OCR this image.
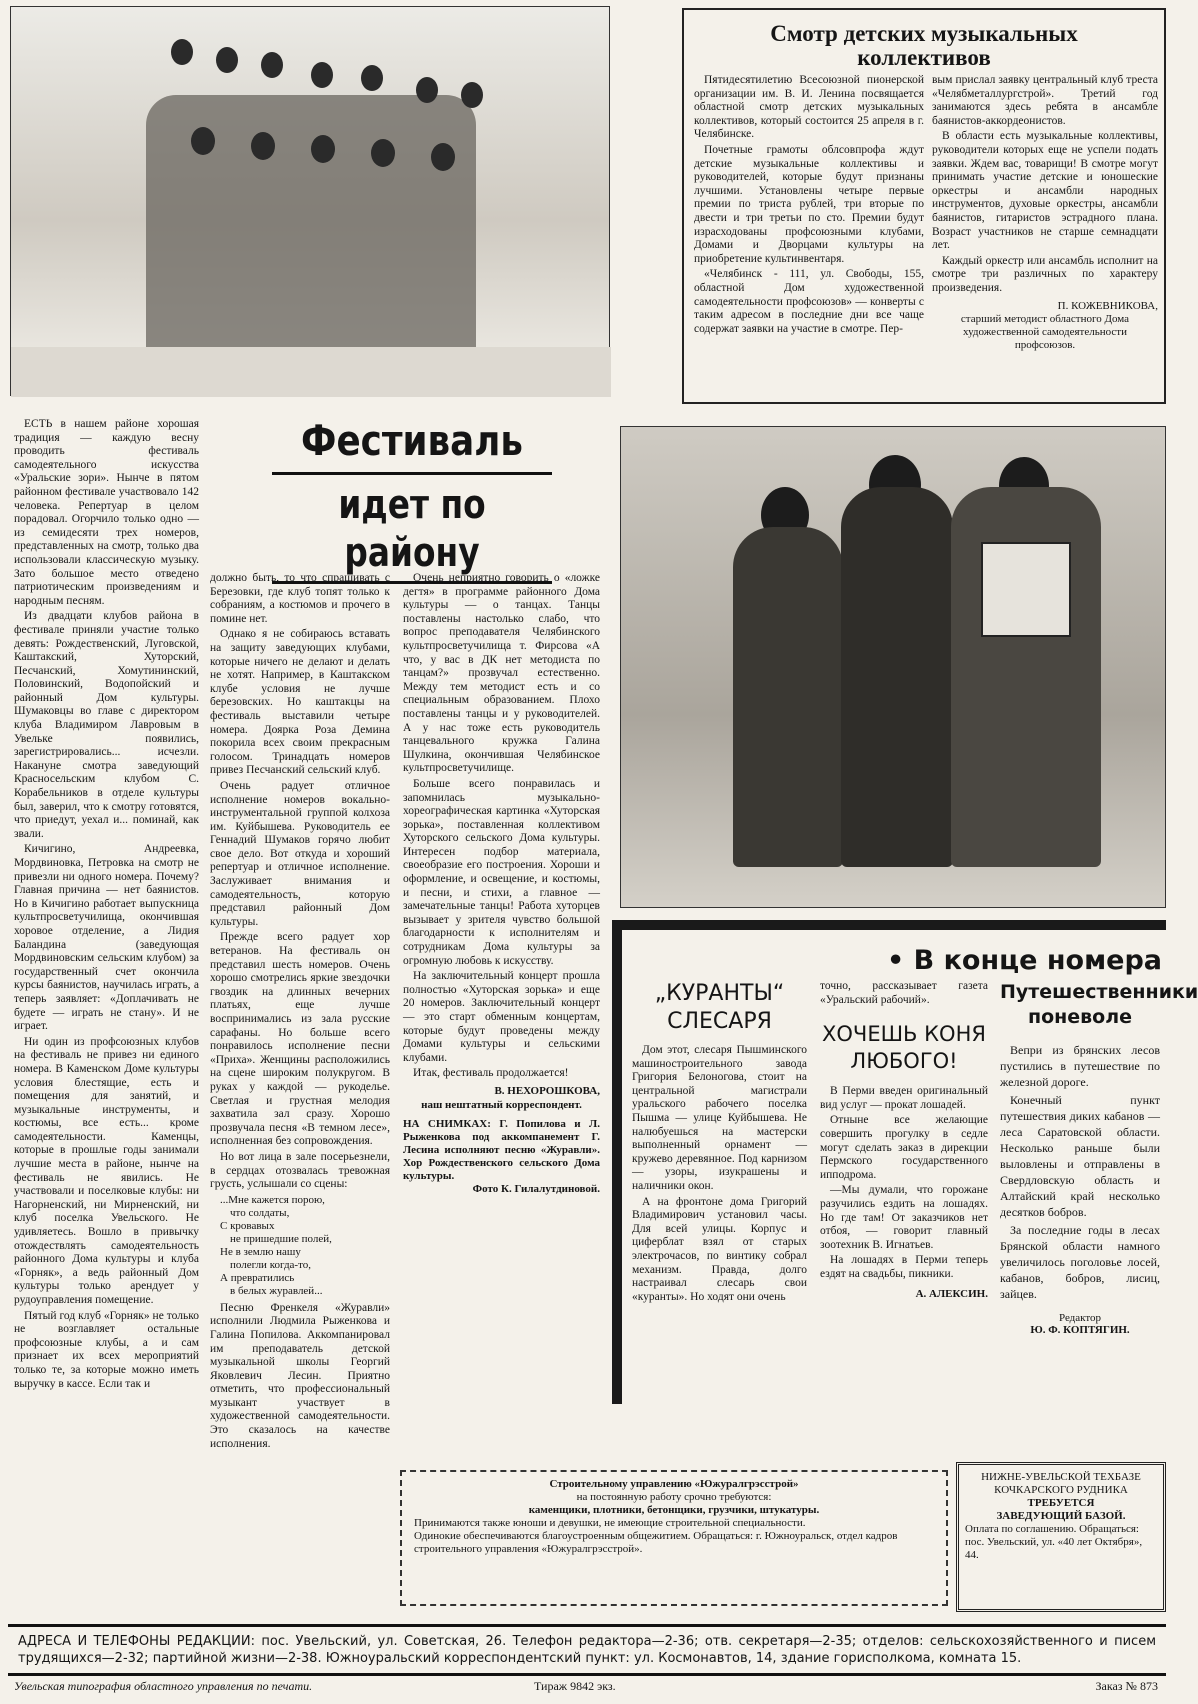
Смотр детских музыкальных коллективов

Пятидесятилетию Всесоюзной пионерской организации им. В. И. Ленина посвящается областной смотр детских музыкальных коллективов, который состоится 25 апреля в г. Челябинске.

Почетные грамоты облсовпрофа ждут детские музыкальные коллективы и руководителей, которые будут признаны лучшими. Установлены четыре первые премии по триста рублей, три вторые по двести и три третьи по сто. Премии будут израсходованы профсоюзными клубами, Домами и Дворцами культуры на приобретение культинвентаря.

«Челябинск - 111, ул. Свободы, 155, областной Дом художественной самодеятельности профсоюзов» — конверты с таким адресом в последние дни все чаще содержат заявки на участие в смотре. Пер-

вым прислал заявку центральный клуб треста «Челябметаллургстрой». Третий год занимаются здесь ребята в ансамбле баянистов-аккордеонистов.

В области есть музыкальные коллективы, руководители которых еще не успели подать заявки. Ждем вас, товарищи! В смотре могут принимать участие детские и юношеские оркестры и ансамбли народных инструментов, духовые оркестры, ансамбли баянистов, гитаристов эстрадного плана. Возраст участников не старше семнадцати лет.

Каждый оркестр или ансамбль исполнит на смотре три различных по характеру произведения.

П. КОЖЕВНИКОВА,
старший методист областного Дома художественной самодеятельности профсоюзов.
Фестиваль
идет по району

ЕСТЬ в нашем районе хорошая традиция — каждую весну проводить фестиваль самодеятельного искусства «Уральские зори». Нынче в пятом районном фестивале участвовало 142 человека. Репертуар в целом порадовал. Огорчило только одно — из семидесяти трех номеров, представленных на смотр, только два использовали классическую музыку. Зато большое место отведено патриотическим произведениям и народным песням.

Из двадцати клубов района в фестивале приняли участие только девять: Рождественский, Луговской, Каштакский, Хуторский, Песчанский, Хомутининский, Половинский, Водопойский и районный Дом культуры. Шумаковцы во главе с директором клуба Владимиром Лавровым в Увельке появились, зарегистрировались... исчезли. Накануне смотра заведующий Красносельским клубом С. Корабельников в отделе культуры был, заверил, что к смотру готовятся, что приедут, уехал и... поминай, как звали.

Кичигино, Андреевка, Мордвиновка, Петровка на смотр не привезли ни одного номера. Почему? Главная причина — нет баянистов. Но в Кичигино работает выпускница культпросветучилища, окончившая хоровое отделение, а Лидия Баландина (заведующая Мордвиновским сельским клубом) за государственный счет окончила курсы баянистов, научилась играть, а теперь заявляет: «Доплачивать не будете — играть не стану». И не играет.

Ни один из профсоюзных клубов на фестиваль не привез ни единого номера. В Каменском Доме культуры условия блестящие, есть и помещения для занятий, и музыкальные инструменты, и костюмы, все есть... кроме самодеятельности. Каменцы, которые в прошлые годы занимали лучшие места в районе, нынче на фестиваль не явились. Не участвовали и поселковые клубы: ни Нагорненский, ни Мирненский, ни клуб поселка Увельского. Не удивляетесь. Вошло в привычку отождествлять самодеятельность районного Дома культуры и клуба «Горняк», а ведь районный Дом культуры только арендует у рудоуправления помещение.

Пятый год клуб «Горняк» не только не возглавляет остальные профсоюзные клубы, а и сам признает их всех мероприятий только те, за которые можно иметь выручку в кассе. Если так и

должно быть, то что спрашивать с Березовки, где клуб топят только к собраниям, а костюмов и прочего в помине нет.

Однако я не собираюсь вставать на защиту заведующих клубами, которые ничего не делают и делать не хотят. Например, в Каштакском клубе условия не лучше березовских. Но каштакцы на фестиваль выставили четыре номера. Доярка Роза Демина покорила всех своим прекрасным голосом. Тринадцать номеров привез Песчанский сельский клуб.

Очень радует отличное исполнение номеров вокально-инструментальной группой колхоза им. Куйбышева. Руководитель ее Геннадий Шумаков горячо любит свое дело. Вот откуда и хороший репертуар и отличное исполнение. Заслуживает внимания и самодеятельность, которую представил районный Дом культуры.

Прежде всего радует хор ветеранов. На фестиваль он представил шесть номеров. Очень хорошо смотрелись яркие звездочки гвоздик на длинных вечерних платьях, еще лучше воспринимались из зала русские сарафаны. Но больше всего понравилось исполнение песни «Приха». Женщины расположились на сцене широким полукругом. В руках у каждой — рукоделье. Светлая и грустная мелодия захватила зал сразу. Хорошо прозвучала песня «В темном лесе», исполненная без сопровождения.

Но вот лица в зале посерьезнели, в сердцах отозвалась тревожная грусть, услышали со сцены:

...Мне кажется порою,
что солдаты,
С кровавых
не пришедшие полей,
Не в землю нашу
полегли когда-то,
А превратились
в белых журавлей...

Песню Френкеля «Журавли» исполнили Людмила Рыженкова и Галина Попилова. Аккомпанировал им преподаватель детской музыкальной школы Георгий Яковлевич Лесин. Приятно отметить, что профессиональный музыкант участвует в художественной самодеятельности. Это сказалось на качестве исполнения.

Очень неприятно говорить о «ложке дегтя» в программе районного Дома культуры — о танцах. Танцы поставлены настолько слабо, что вопрос преподавателя Челябинского культпросветучилища т. Фирсова «А что, у вас в ДК нет методиста по танцам?» прозвучал естественно. Между тем методист есть и со специальным образованием. Плохо поставлены танцы и у руководителей. А у нас тоже есть руководитель танцевального кружка Галина Шулкина, окончившая Челябинское культпросветучилище.

Больше всего понравилась и запомнилась музыкально-хореографическая картинка «Хуторская зорька», поставленная коллективом Хуторского сельского Дома культуры. Интересен подбор материала, своеобразие его построения. Хороши и оформление, и освещение, и костюмы, и песни, и стихи, а главное — замечательные танцы! Работа хуторцев вызывает у зрителя чувство большой благодарности к исполнителям и сотрудникам Дома культуры за огромную любовь к искусству.

На заключительный концерт прошла полностью «Хуторская зорька» и еще 20 номеров. Заключительный концерт — это старт обменным концертам, которые будут проведены между Домами культуры и сельскими клубами.

Итак, фестиваль продолжается!

В. НЕХОРОШКОВА,
наш нештатный корреспондент.
НА СНИМКАХ: Г. Попилова и Л. Рыженкова под аккомпанемент Г. Лесина исполняют песню «Журавли». Хор Рождественского сельского Дома культуры.
Фото К. Гилалутдиновой.
• В конце номера
„КУРАНТЫ“ СЛЕСАРЯ

Дом этот, слесаря Пышминского машиностроительного завода Григория Белоногова, стоит на центральной магистрали уральского рабочего поселка Пышма — улице Куйбышева. Не налюбуешься на мастерски выполненный орнамент — кружево деревянное. Под карнизом — узоры, изукрашены и наличники окон.

А на фронтоне дома Григорий Владимирович установил часы. Для всей улицы. Корпус и циферблат взял от старых электрочасов, по винтику собрал механизм. Правда, долго настраивал слесарь свои «куранты». Но ходят они очень

точно, рассказывает газета «Уральский рабочий».

ХОЧЕШЬ КОНЯ ЛЮБОГО!

В Перми введен оригинальный вид услуг — прокат лошадей.

Отныне все желающие совершить прогулку в седле могут сделать заказ в дирекции Пермского государственного ипподрома.

—Мы думали, что горожане разучились ездить на лошадях. Но где там! От заказчиков нет отбоя, — говорит главный зоотехник В. Игнатьев.

На лошадях в Перми теперь ездят на свадьбы, пикники.

А. АЛЕКСИН.
Путешественники поневоле

Вепри из брянских лесов пустились в путешествие по железной дороге.

Конечный пункт путешествия диких кабанов — леса Саратовской области. Несколько раньше были выловлены и отправлены в Свердловскую область и Алтайский край несколько десятков бобров.

За последние годы в лесах Брянской области намного увеличилось поголовье лосей, кабанов, бобров, лисиц, зайцев.

Редактор
Ю. Ф. КОПТЯГИН.
Строительному управлению «Южуралгрэсстрой»
на постоянную работу срочно требуются:
каменщики, плотники, бетонщики, грузчики, штукатуры.
Принимаются также юноши и девушки, не имеющие строительной специальности.
Одинокие обеспечиваются благоустроенным общежитием. Обращаться: г. Южноуральск, отдел кадров строительного управления «Южуралгрэсстрой».
НИЖНЕ-УВЕЛЬСКОЙ ТЕХБАЗЕ КОЧКАРСКОГО РУДНИКА
ТРЕБУЕТСЯ
ЗАВЕДУЮЩИЙ БАЗОЙ.
Оплата по соглашению. Обращаться: пос. Увельский, ул. «40 лет Октября», 44.
АДРЕСА И ТЕЛЕФОНЫ РЕДАКЦИИ: пос. Увельский, ул. Советская, 26. Телефон редактора—2-36; отв. секретаря—2-35; отделов: сельскохозяйственного и писем трудящихся—2-32; партийной жизни—2-38. Южноуральский корреспондентский пункт: ул. Космонавтов, 14, здание горисполкома, комната 15.
Увельская типография областного управления по печати.	Тираж 9842 экз.	Заказ № 873
